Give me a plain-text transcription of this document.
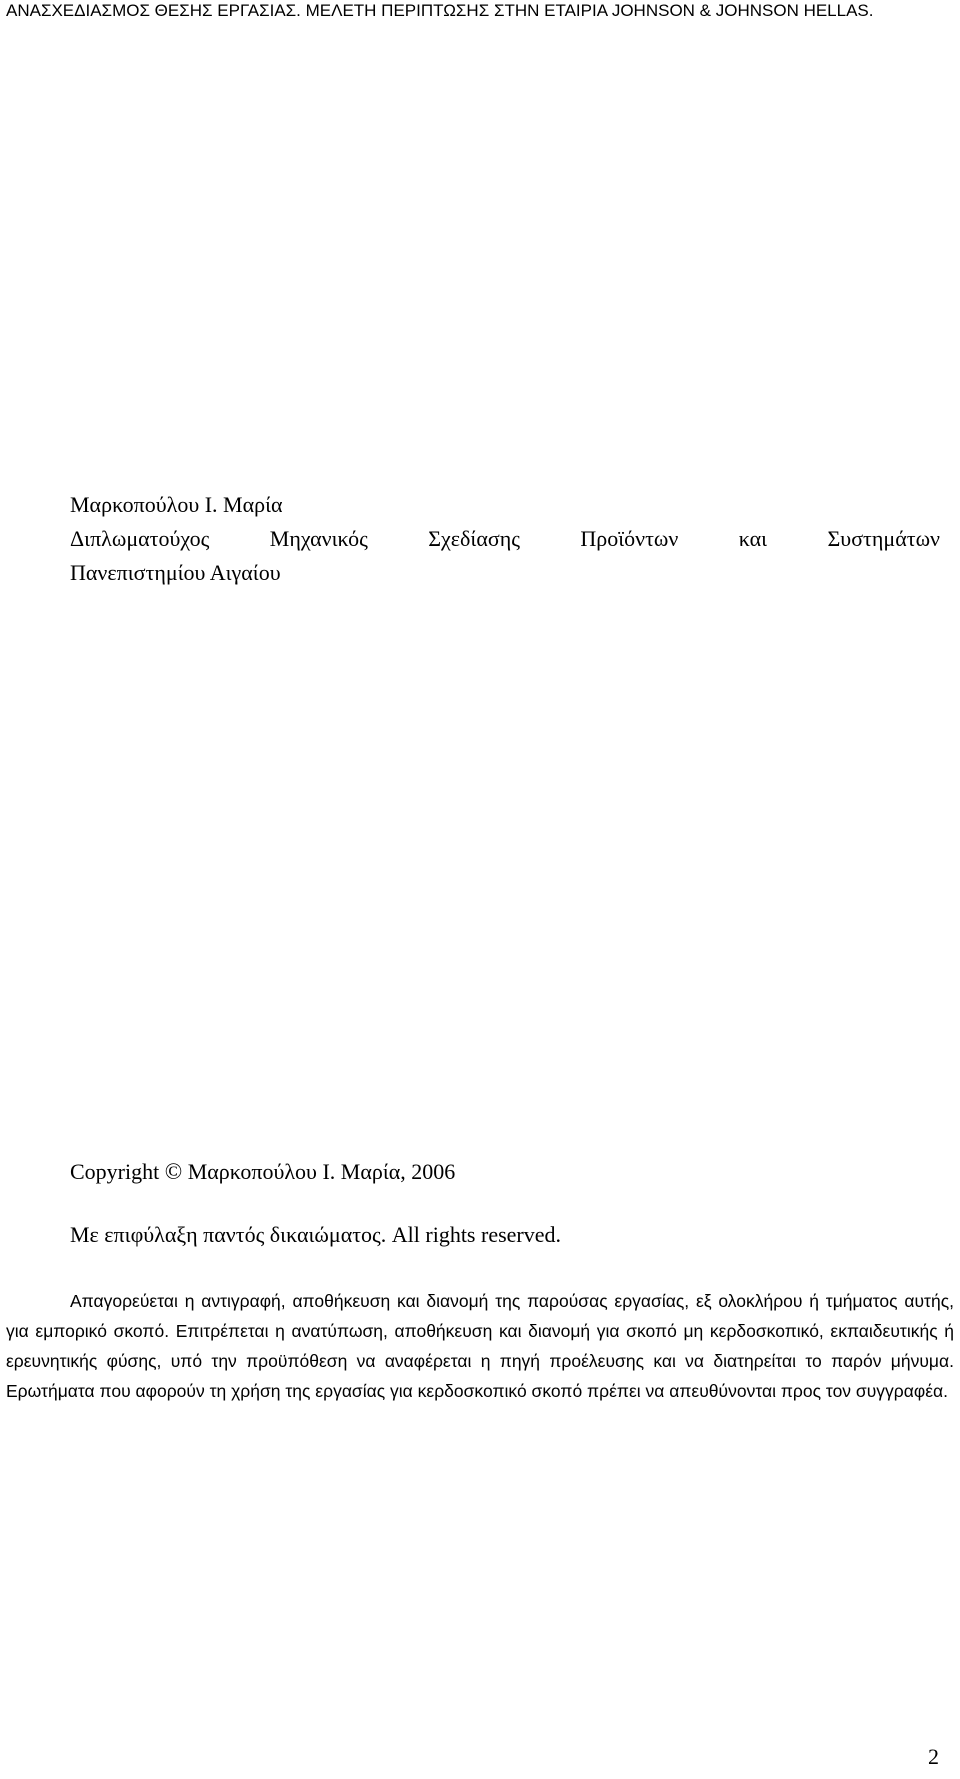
ΑΝΑΣΧΕΔΙΑΣΜΟΣ ΘΕΣΗΣ ΕΡΓΑΣΙΑΣ. ΜΕΛΕΤΗ ΠΕΡΙΠΤΩΣΗΣ ΣΤΗΝ ΕΤΑΙΡΙΑ JOHNSON & JOHNSON HELLAS.
Μαρκοπούλου Ι. Μαρία
Διπλωματούχος Μηχανικός Σχεδίασης Προϊόντων και Συστημάτων
Πανεπιστημίου Αιγαίου
Copyright © Μαρκοπούλου Ι. Μαρία, 2006
Με επιφύλαξη παντός δικαιώματος. All rights reserved.
Απαγορεύεται η αντιγραφή, αποθήκευση και διανομή της παρούσας εργασίας, εξ ολοκλήρου ή τμήματος αυτής, για εμπορικό σκοπό. Επιτρέπεται η ανατύπωση, αποθήκευση και διανομή για σκοπό μη κερδοσκοπικό, εκπαιδευτικής ή ερευνητικής φύσης, υπό την προϋπόθεση να αναφέρεται η πηγή προέλευσης και να διατηρείται το παρόν μήνυμα. Ερωτήματα που αφορούν τη χρήση της εργασίας για κερδοσκοπικό σκοπό πρέπει να απευθύνονται προς τον συγγραφέα.
2
